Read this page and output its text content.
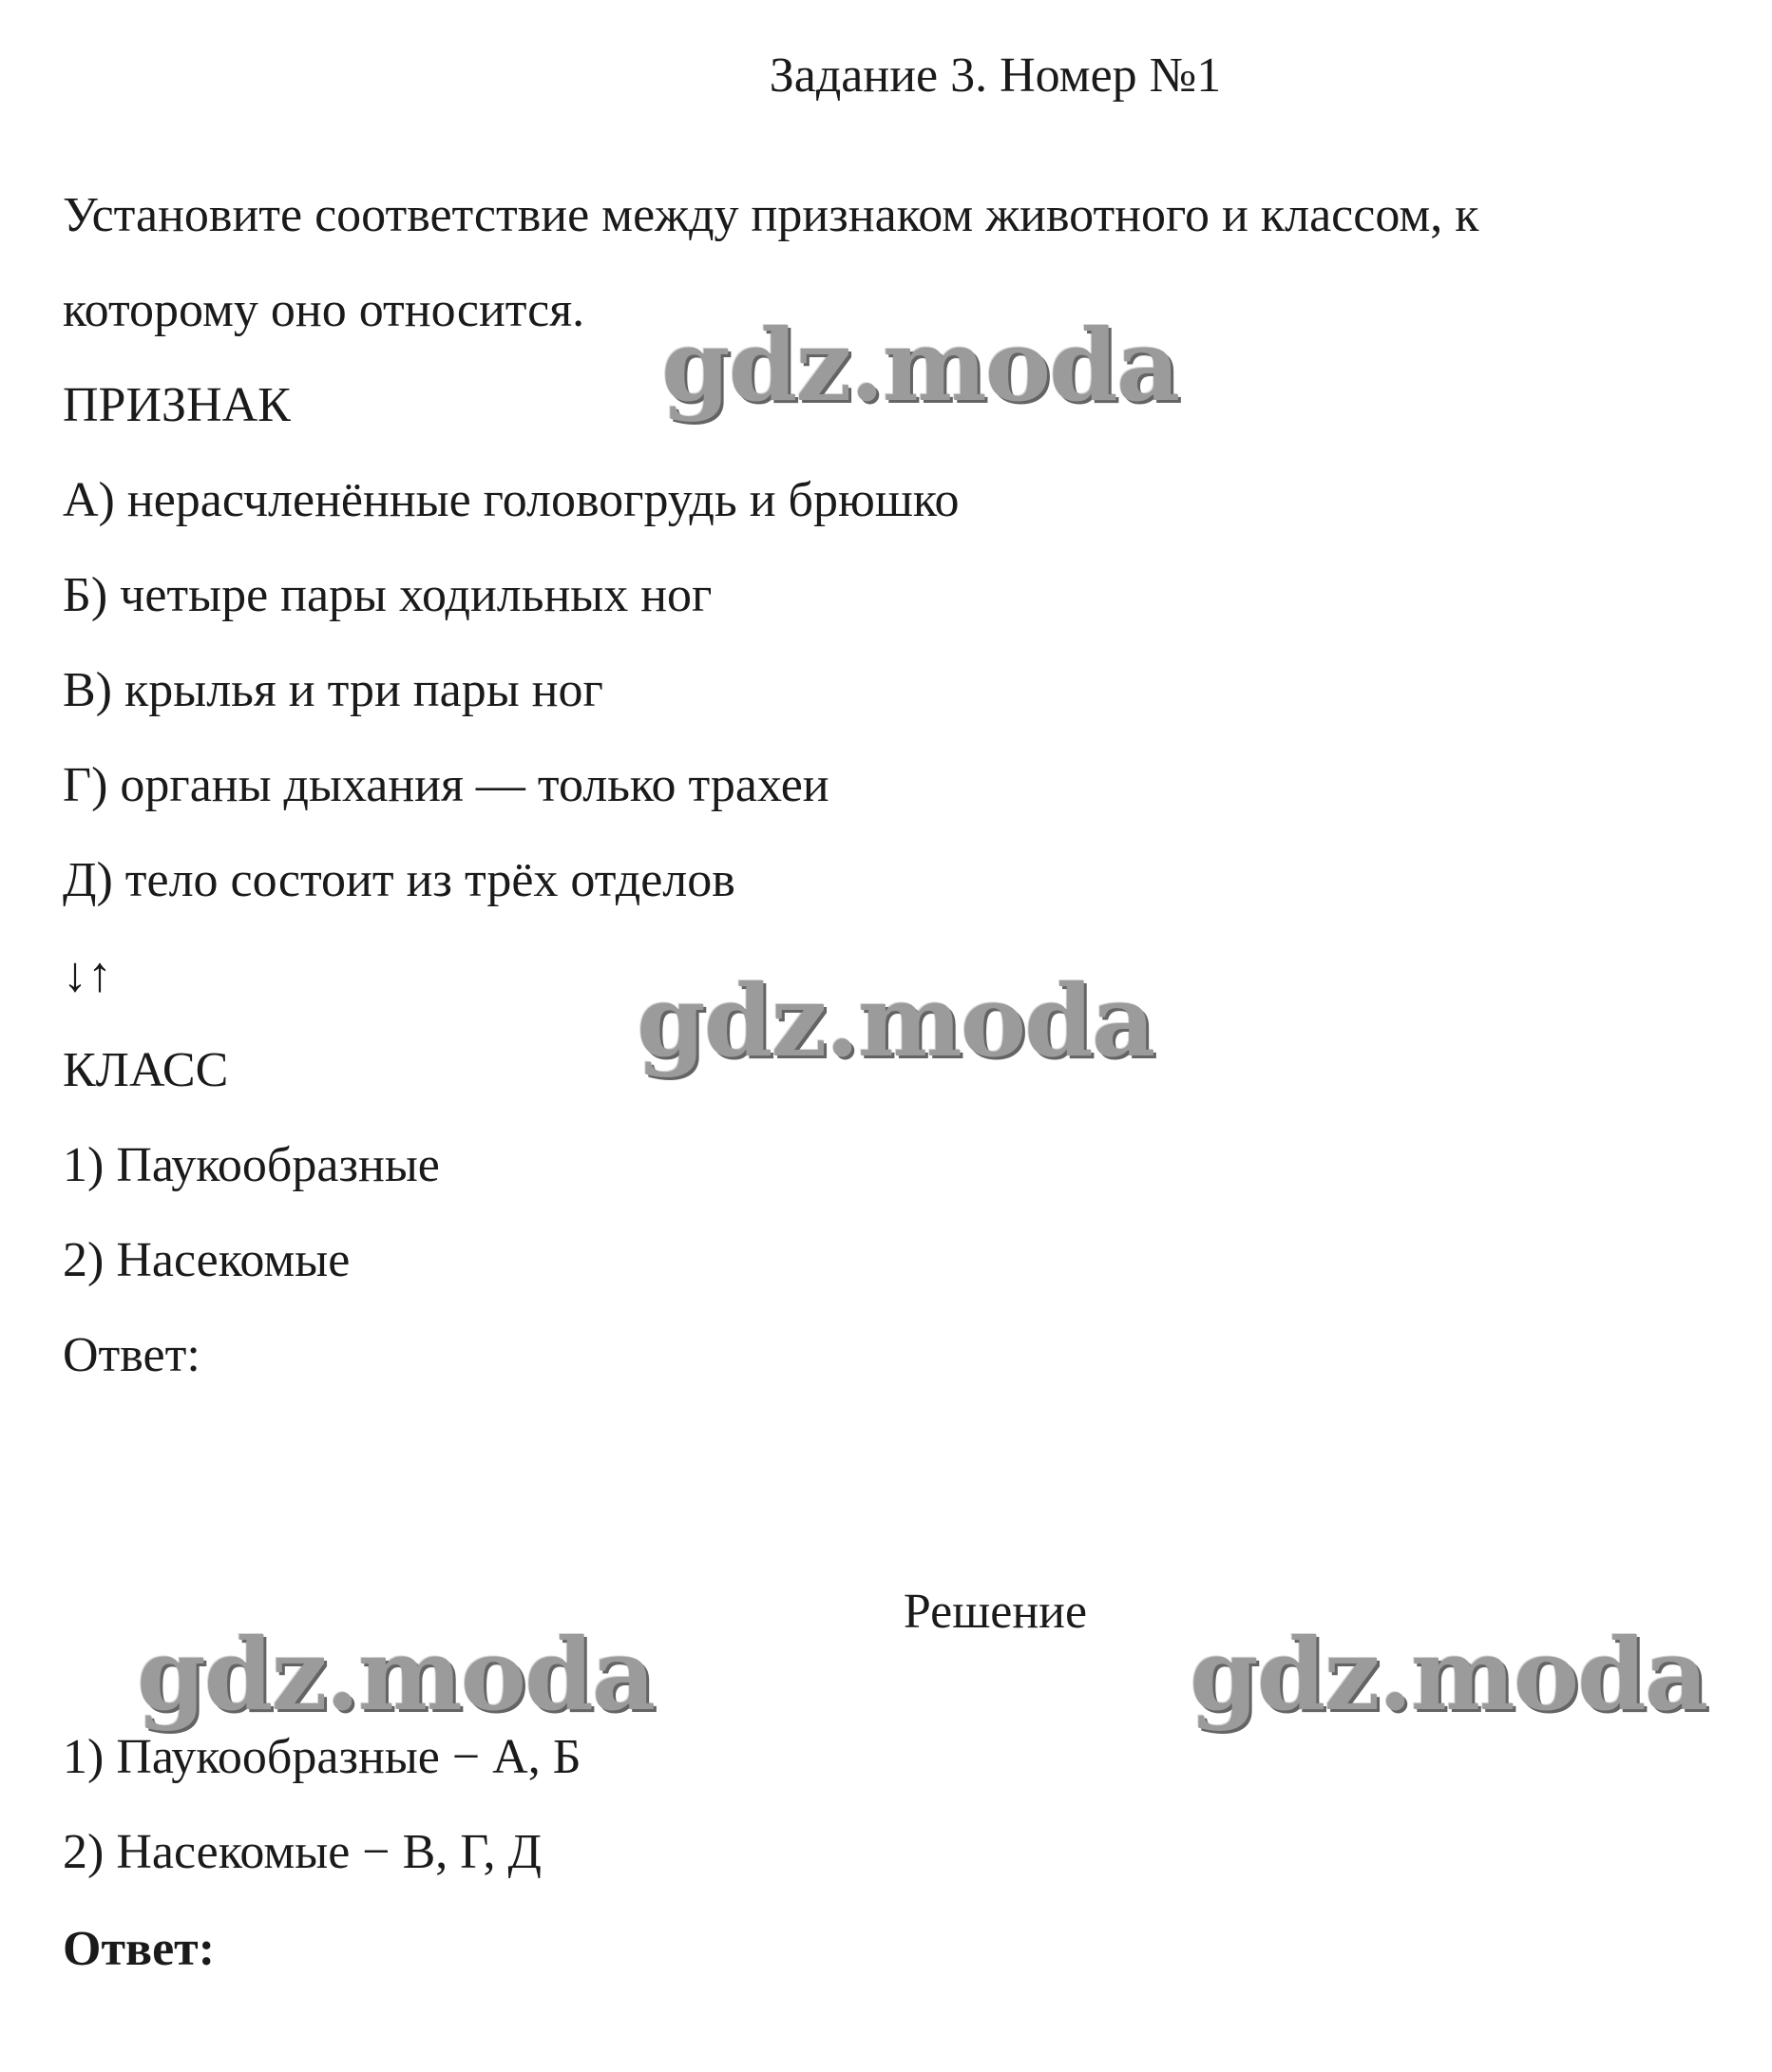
Задание 3. Номер №1
Установите соответствие между признаком животного и классом, к
которому оно относится.
ПРИЗНАК
А) нерасчленённые головогрудь и брюшко
Б) четыре пары ходильных ног
В) крылья и три пары ног
Г) органы дыхания — только трахеи
Д) тело состоит из трёх отделов
↓↑
КЛАСС
1) Паукообразные
2) Насекомые
Ответ:
Решение
1) Паукообразные − А, Б
2) Насекомые − В, Г, Д
Ответ:
gdz.moda
gdz.moda
gdz.moda	gdz.moda
